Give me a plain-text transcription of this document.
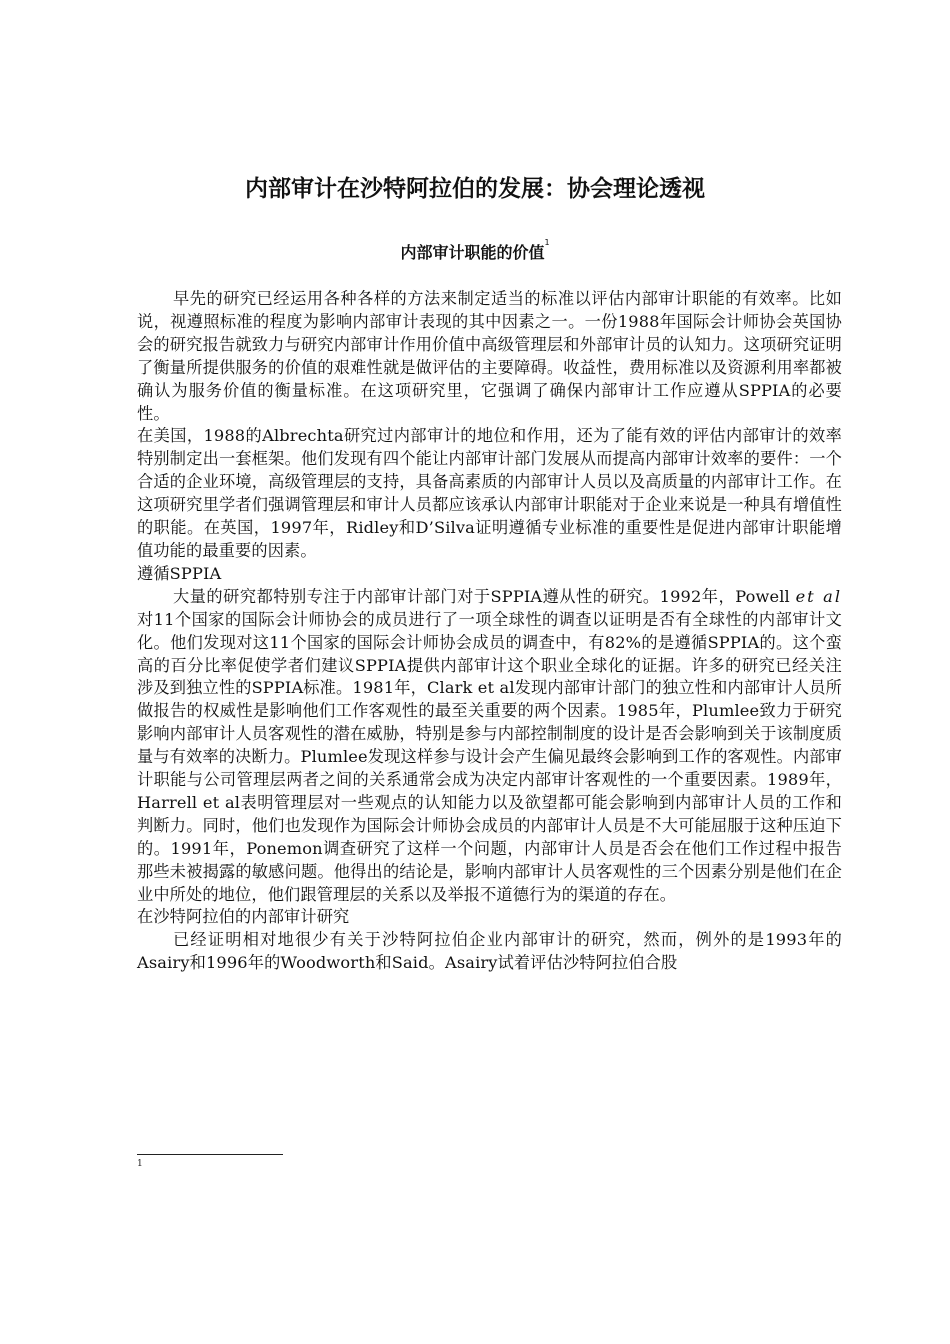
内部审计在沙特阿拉伯的发展：协会理论透视
内部审计职能的价值$^1$

早先的研究已经运用各种各样的方法来制定适当的标准以评估内部审计职能的有效率。比如说，视遵照标准的程度为影响内部审计表现的其中因素之一。一份1988年国际会计师协会英国协会的研究报告就致力与研究内部审计作用价值中高级管理层和外部审计员的认知力。这项研究证明了衡量所提供服务的价值的艰难性就是做评估的主要障碍。收益性，费用标准以及资源利用率都被确认为服务价值的衡量标准。在这项研究里，它强调了确保内部审计工作应遵从SPPIA的必要性。

在美国，1988的Albrechta研究过内部审计的地位和作用，还为了能有效的评估内部审计的效率特别制定出一套框架。他们发现有四个能让内部审计部门发展从而提高内部审计效率的要件：一个合适的企业环境，高级管理层的支持，具备高素质的内部审计人员以及高质量的内部审计工作。在这项研究里学者们强调管理层和审计人员都应该承认内部审计职能对于企业来说是一种具有增值性的职能。在英国，1997年，Ridley和D’Silva证明遵循专业标准的重要性是促进内部审计职能增值功能的最重要的因素。

遵循SPPIA

大量的研究都特别专注于内部审计部门对于SPPIA遵从性的研究。1992年，Powell et al对11个国家的国际会计师协会的成员进行了一项全球性的调查以证明是否有全球性的内部审计文化。他们发现对这11个国家的国际会计师协会成员的调查中，有82%的是遵循SPPIA的。这个蛮高的百分比率促使学者们建议SPPIA提供内部审计这个职业全球化的证据。许多的研究已经关注涉及到独立性的SPPIA标准。1981年，Clark et al发现内部审计部门的独立性和内部审计人员所做报告的权威性是影响他们工作客观性的最至关重要的两个因素。1985年，Plumlee致力于研究影响内部审计人员客观性的潜在威胁，特别是参与内部控制制度的设计是否会影响到关于该制度质量与有效率的决断力。Plumlee发现这样参与设计会产生偏见最终会影响到工作的客观性。内部审计职能与公司管理层两者之间的关系通常会成为决定内部审计客观性的一个重要因素。1989年，Harrell et al表明管理层对一些观点的认知能力以及欲望都可能会影响到内部审计人员的工作和判断力。同时，他们也发现作为国际会计师协会成员的内部审计人员是不大可能屈服于这种压迫下的。1991年，Ponemon调查研究了这样一个问题，内部审计人员是否会在他们工作过程中报告那些未被揭露的敏感问题。他得出的结论是，影响内部审计人员客观性的三个因素分别是他们在企业中所处的地位，他们跟管理层的关系以及举报不道德行为的渠道的存在。

在沙特阿拉伯的内部审计研究

已经证明相对地很少有关于沙特阿拉伯企业内部审计的研究，然而，例外的是1993年的Asairy和1996年的Woodworth和Said。Asairy试着评估沙特阿拉伯合股

1
